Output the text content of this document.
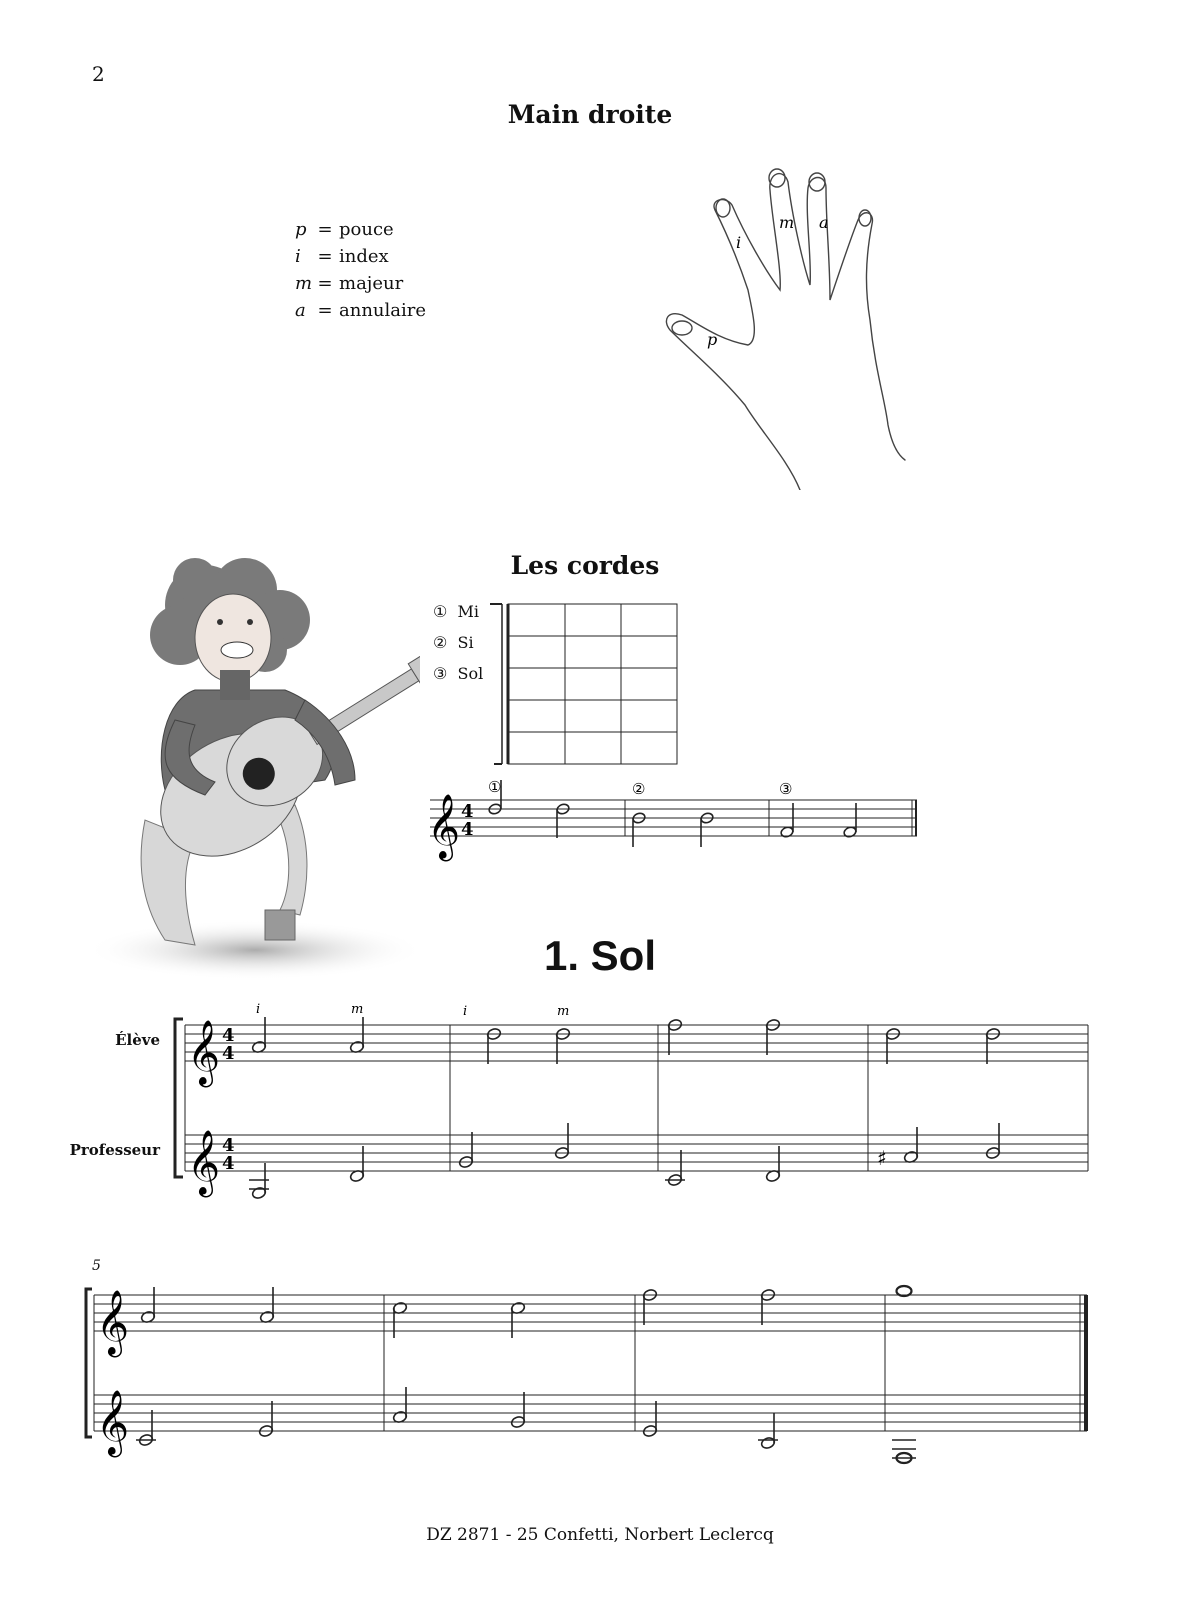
2
Main droite
p = pouce
i = index
m = majeur
a = annulaire
p
i
m a
Les cordes
① Mi
② Si
③ Sol
𝄞 4
4
①	②	③
1. Sol
Élève
Professeur
𝄞
𝄞
4
4
4
4
i	m	i	m
♯
5
𝄞
𝄞
DZ 2871 - 25 Confetti, Norbert Leclercq
